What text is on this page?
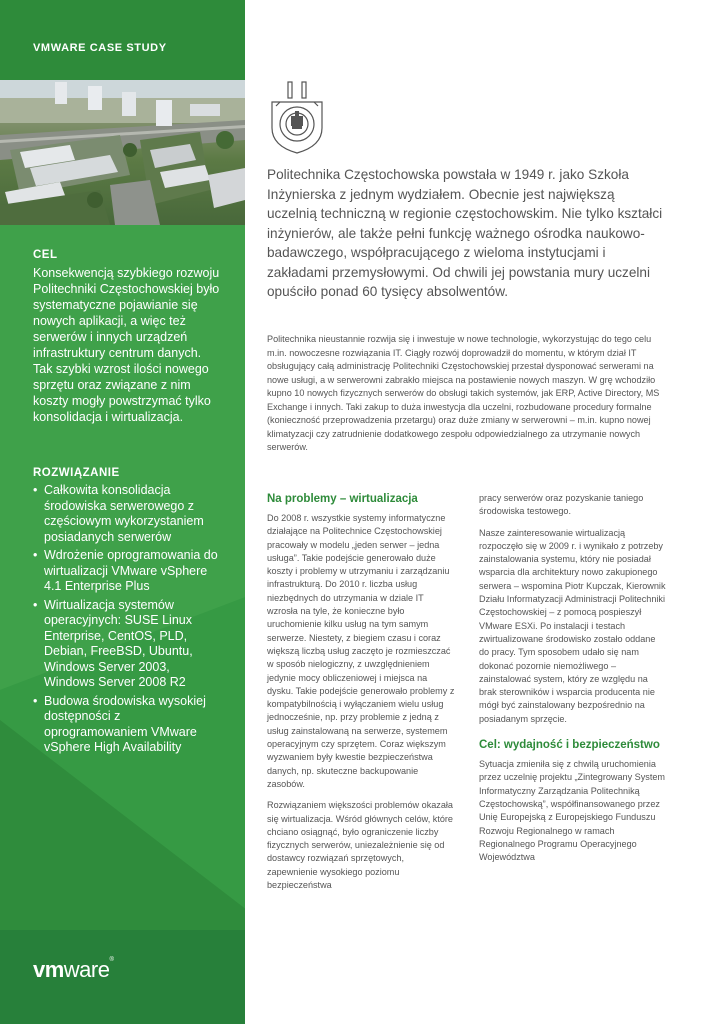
VMWARE CASE STUDY
CEL
Konsekwencją szybkiego rozwoju Politechniki Częstochowskiej było systematyczne pojawianie się nowych aplikacji, a więc też serwerów i innych urządzeń infrastruktury centrum danych. Tak szybki wzrost ilości nowego sprzętu oraz związane z nim koszty mogły powstrzymać tylko konsolidacja i wirtualizacja.
ROZWIĄZANIE
• Całkowita konsolidacja środowiska serwerowego z częściowym wykorzystaniem posiadanych serwerów
• Wdrożenie oprogramowania do wirtualizacji VMware vSphere 4.1 Enterprise Plus
• Wirtualizacja systemów operacyjnych: SUSE Linux Enterprise, CentOS, PLD, Debian, FreeBSD, Ubuntu, Windows Server 2003, Windows Server 2008 R2
• Budowa środowiska wysokiej dostępności z oprogramowaniem VMware vSphere High Availability
vmware®
Politechnika Częstochowska powstała w 1949 r. jako Szkoła Inżynierska z jednym wydziałem. Obecnie jest największą uczelnią techniczną w regionie częstochowskim. Nie tylko kształci inżynierów, ale także pełni funkcję ważnego ośrodka naukowo-badawczego, współpracującego z wieloma instytucjami i zakładami przemysłowymi. Od chwili jej powstania mury uczelni opuściło ponad 60 tysięcy absolwentów.
Politechnika nieustannie rozwija się i inwestuje w nowe technologie, wykorzystując do tego celu m.in. nowoczesne rozwiązania IT. Ciągły rozwój doprowadził do momentu, w którym dział IT obsługujący całą administrację Politechniki Częstochowskiej przestał dysponować serwerami na nowe usługi, a w serwerowni zabrakło miejsca na postawienie nowych maszyn. W grę wchodziło kupno 10 nowych fizycznych serwerów do obsługi takich systemów, jak ERP, Active Directory, MS Exchange i innych. Taki zakup to duża inwestycja dla uczelni, rozbudowane procedury formalne (konieczność przeprowadzenia przetargu) oraz duże zmiany w serwerowni – m.in. kupno nowej klimatyzacji czy zatrudnienie dodatkowego zespołu odpowiedzialnego za utrzymanie nowych serwerów.
Na problemy – wirtualizacja

Do 2008 r. wszystkie systemy informatyczne działające na Politechnice Częstochowskiej pracowały w modelu „jeden serwer – jedna usługa”. Takie podejście generowało duże koszty i problemy w utrzymaniu i zarządzaniu infrastrukturą. Do 2010 r. liczba usług niezbędnych do utrzymania w dziale IT wzrosła na tyle, że konieczne było uruchomienie kilku usług na tym samym serwerze. Niestety, z biegiem czasu i coraz większą liczbą usług zaczęto je rozmieszczać w sposób nielogiczny, z uwzględnieniem jedynie mocy obliczeniowej i miejsca na dysku. Takie podejście generowało problemy z kompatybilnością i wyłączaniem wielu usług jednocześnie, np. przy problemie z jedną z usług zainstalowaną na serwerze, systemem operacyjnym czy sprzętem. Coraz większym wyzwaniem były kwestie bezpieczeństwa danych, np. skuteczne backupowanie zasobów.

Rozwiązaniem większości problemów okazała się wirtualizacja. Wśród głównych celów, które chciano osiągnąć, było ograniczenie liczby fizycznych serwerów, uniezależnienie się od dostawcy rozwiązań sprzętowych, zapewnienie wysokiego poziomu bezpieczeństwa

pracy serwerów oraz pozyskanie taniego środowiska testowego.

Nasze zainteresowanie wirtualizacją rozpoczęło się w 2009 r. i wynikało z potrzeby zainstalowania systemu, który nie posiadał wsparcia dla architektury nowo zakupionego serwera – wspomina Piotr Kupczak, Kierownik Działu Informatyzacji Administracji Politechniki Częstochowskiej – z pomocą pospieszył VMware ESXi. Po instalacji i testach zwirtualizowane środowisko zostało oddane do pracy. Tym sposobem udało się nam dokonać pozornie niemożliwego – zainstalować system, który ze względu na brak sterowników i wsparcia producenta nie mógł być zainstalowany bezpośrednio na posiadanym sprzęcie.

Cel: wydajność i bezpieczeństwo

Sytuacja zmieniła się z chwilą uruchomienia przez uczelnię projektu „Zintegrowany System Informatyczny Zarządzania Politechniką Częstochowską”, współfinansowanego przez Unię Europejską z Europejskiego Funduszu Rozwoju Regionalnego w ramach Regionalnego Programu Operacyjnego Województwa
